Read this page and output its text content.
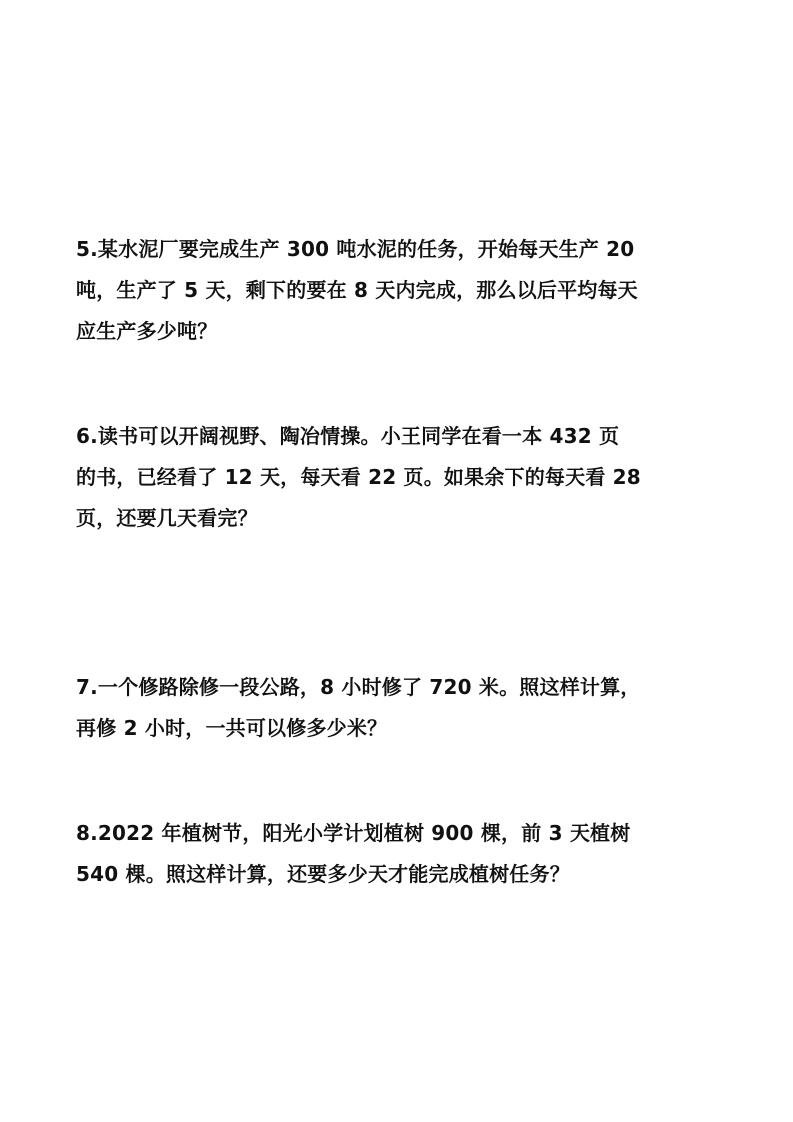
5.某水泥厂要完成生产 300 吨水泥的任务，开始每天生产 20
吨，生产了 5 天，剩下的要在 8 天内完成，那么以后平均每天
应生产多少吨？
6.读书可以开阔视野、陶冶情操。小王同学在看一本 432 页
的书，已经看了 12 天，每天看 22 页。如果余下的每天看 28
页，还要几天看完？
7.一个修路除修一段公路，8 小时修了 720 米。照这样计算，
再修 2 小时，一共可以修多少米？
8.2022 年植树节，阳光小学计划植树 900 棵，前 3 天植树
540 棵。照这样计算，还要多少天才能完成植树任务？
